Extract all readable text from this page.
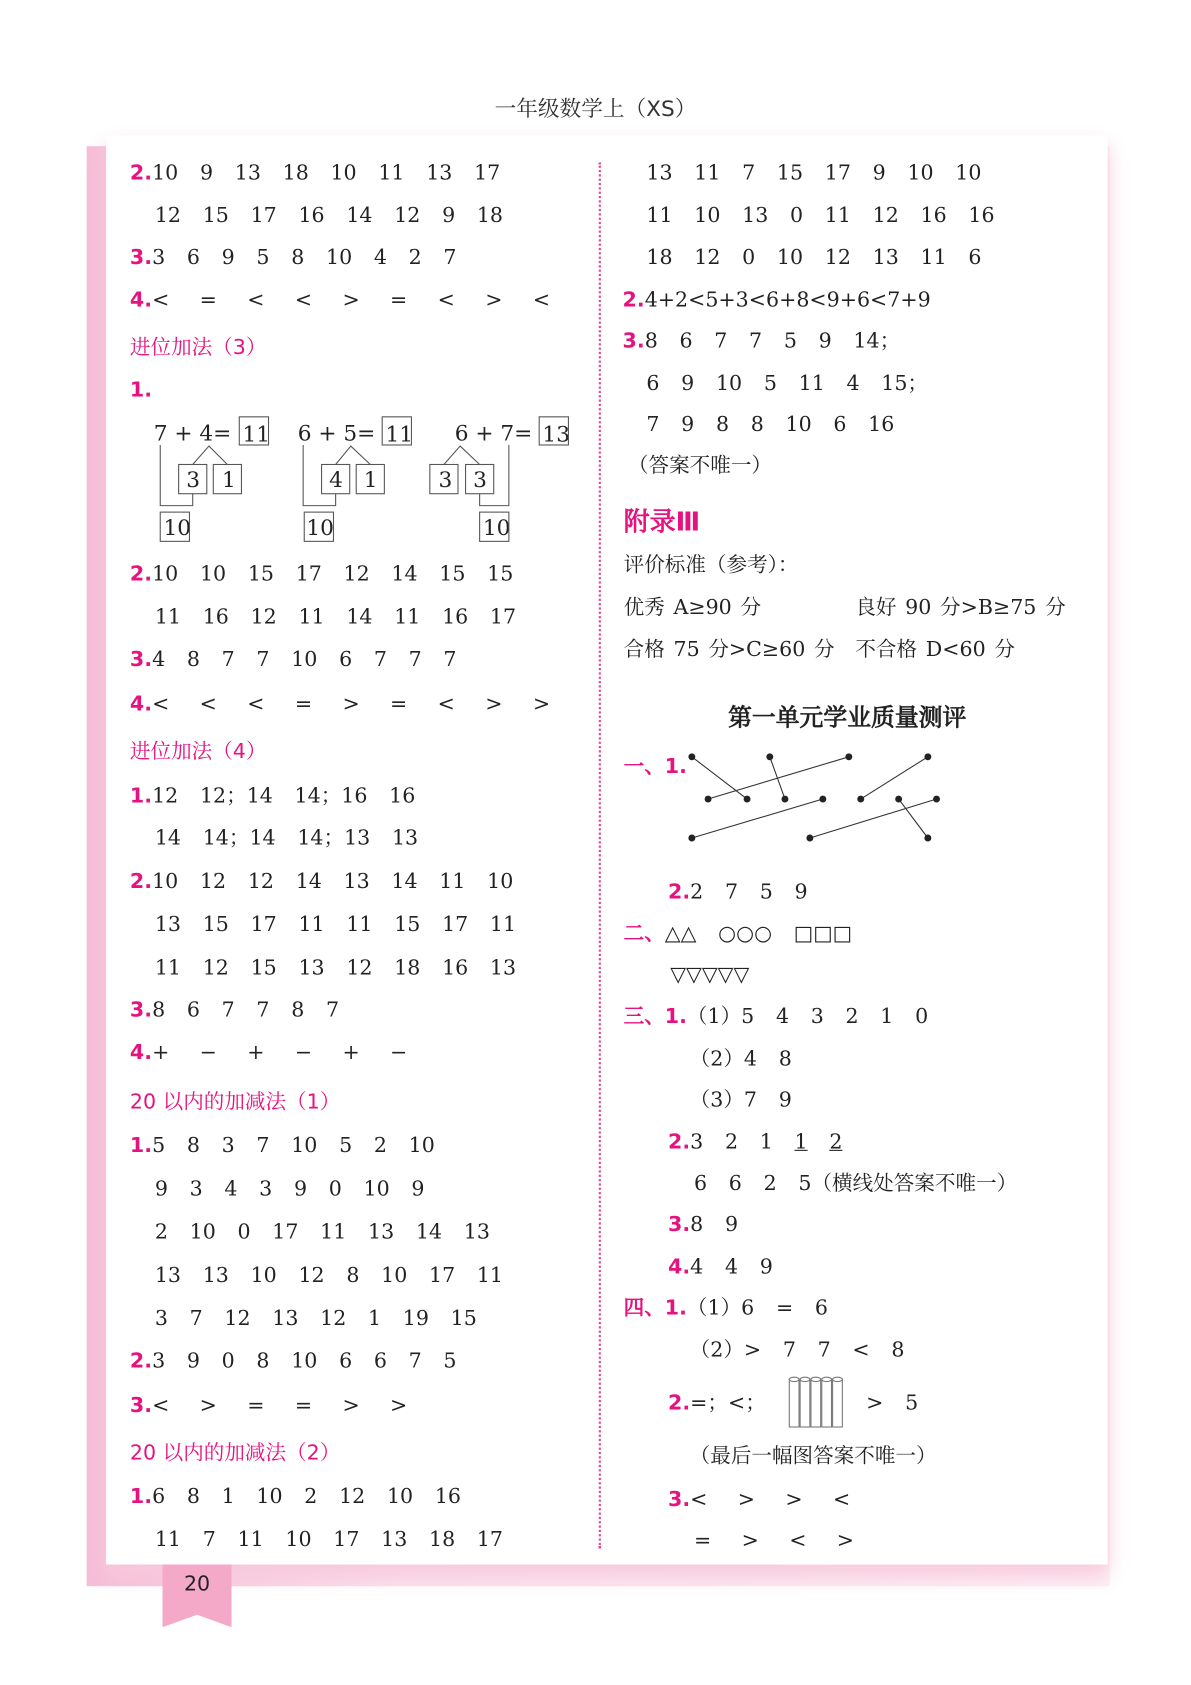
一年级数学上（XS）
20
2.10 9 13 18 10 11 13 17
12 15 17 16 14 12 9 18
3.3 6 9 5 8 10 4 2 7
4.< = < < > = < > <
进位加法（3）
1.
7 + 4=	6 + 5=	6 + 7=
11	11	13
3 1	4 1	3 3
10	10	10
2.10 10 15 17 12 14 15 15
11 16 12 11 14 11 16 17
3.4 8 7 7 10 6 7 7 7
4.< < < = > = < > >
进位加法（4）
1.12 12；14 14；16 16
14 14；14 14；13 13
2.10 12 12 14 13 14 11 10
13 15 17 11 11 15 17 11
11 12 15 13 12 18 16 13
3.8 6 7 7 8 7
4.+ − + − + −
20 以内的加减法（1）
1.5 8 3 7 10 5 2 10
9 3 4 3 9 0 10 9
2 10 0 17 11 13 14 13
13 13 10 12 8 10 17 11
3 7 12 13 12 1 19 15
2.3 9 0 8 10 6 6 7 5
3.< > = = > >
20 以内的加减法（2）
1.6 8 1 10 2 12 10 16
11 7 11 10 17 13 18 17
13 11 7 15 17 9 10 10
11 10 13 0 11 12 16 16
18 12 0 10 12 13 11 6
2.4+2<5+3<6+8<9+6<7+9
3.8 6 7 7 5 9 14；
6 9 10 5 11 4 15；
7 9 8 8 10 6 16
（答案不唯一）
附录Ⅲ
评价标准（参考）：
优秀 A≥90 分	良好 90 分>B≥75 分
合格 75 分>C≥60 分 不合格 D<60 分
第一单元学业质量测评
一、1.
2.2 7 5 9
二、△△  ○○○  □□□
▽▽▽▽▽
三、1.（1）5 4 3 2 1 0
（2）4 8
（3）7 9
2.3 2 1 1 2
6 6 2 5（横线处答案不唯一）
3.8 9
4.4 4 9
四、1.（1）6 = 6
（2）> 7 7 < 8
2.=；<；	> 5
（最后一幅图答案不唯一）
3.< > > <
= > < >
